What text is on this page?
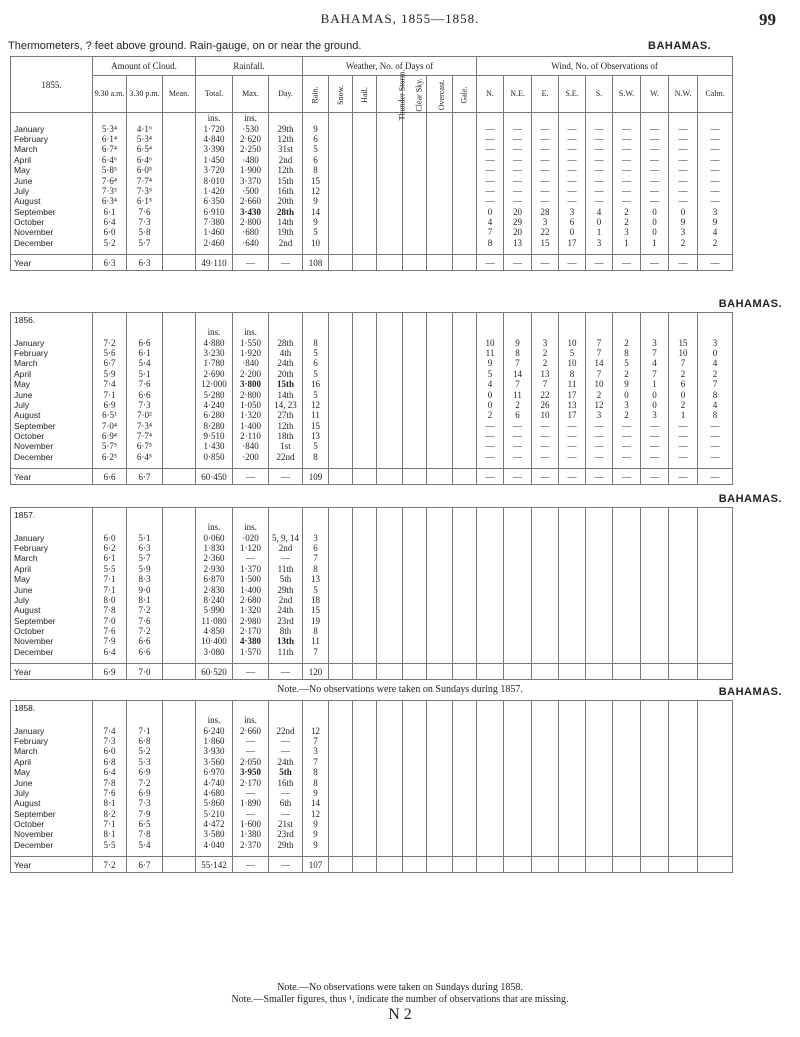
BAHAMAS, 1855—1858.	99
Thermometers, ? feet above ground. Rain-gauge, on or near the ground.	BAHAMAS.
1855.	Amount of Cloud.			Rainfall.			Weather, No. of Days of							Wind, No. of Observations of								
	9.30 a.m.	3.30 p.m.	Mean.	Total.	Max.	Day.	Rain.	Snow.	Hail.	Thunder Storm.	Clear Sky.	Overcast.	Gale.	N.	N.E.	E.	S.E.	S.	S.W.	W.	N.W.	Calm.
				ins.	ins.																	
January	5·3⁴	4·1⁶		1·720	·530	29th	9							—	—	—	—	—	—	—	—	—
February	6·1⁴	5·3⁴		4·840	2·620	12th	6							—	—	—	—	—	—	—	—	—
March	6·7⁴	6·5⁴		3·390	2·250	31st	5							—	—	—	—	—	—	—	—	—
April	6·4⁶	6·4⁶		1·450	·480	2nd	6							—	—	—	—	—	—	—	—	—
May	5·8⁵	6·0⁵		3·720	1·900	12th	8							—	—	—	—	—	—	—	—	—
June	7·6⁴	7·7⁴		8·010	3·370	15th	15							—	—	—	—	—	—	—	—	—
July	7·3⁵	7·3⁵		1·420	·500	16th	12							—	—	—	—	—	—	—	—	—
August	6·3⁴	6·1⁵		6·350	2·660	20th	9							—	—	—	—	—	—	—	—	—
September	6·1	7·6		6·910	3·430	28th	14							0	20	28	3	4	2	0	0	3
October	6·4	7·3		7·380	2·800	14th	9							4	29	3	6	0	2	0	9	9
November	6·0	5·8		1·460	·680	19th	5							7	20	22	0	1	3	0	3	4
December	5·2	5·7		2·460	·640	2nd	10							8	13	15	17	3	1	1	2	2

Year	6·3	6·3		49·110	—	—	108							—	—	—	—	—	—	—	—	—
BAHAMAS.
1856.																						
				ins.	ins.																	
January	7·2	6·6		4·880	1·550	28th	8							10	9	3	10	7	2	3	15	3
February	5·6	6·1		3·230	1·920	4th	5							11	8	2	5	7	8	7	10	0
March	6·7	5·4		1·780	·840	24th	6							9	7	2	10	14	5	4	7	4
April	5·9	5·1		2·690	2·200	20th	5							5	14	13	8	7	2	7	2	2
May	7·4	7·6		12·000	3·800	15th	16							4	7	7	11	10	9	1	6	7
June	7·1	6·6		5·280	2·800	14th	5							0	11	22	17	2	0	0	0	8
July	6·9	7·3		4·240	1·050	14, 23	12							0	2	26	13	12	3	0	2	4
August	6·5¹	7·0²		6·280	1·320	27th	11							2	6	10	17	3	2	3	1	8
September	7·0⁴	7·3⁴		8·280	1·400	12th	15							—	—	—	—	—	—	—	—	—
October	6·9⁴	7·7⁴		9·510	2·110	18th	13							—	—	—	—	—	—	—	—	—
November	5·7⁵	6·7⁵		1·430	·840	1st	5							—	—	—	—	—	—	—	—	—
December	6·2⁵	6·4⁵		0·850	·200	22nd	8							—	—	—	—	—	—	—	—	—

Year	6·6	6·7		60·450	—	—	109							—	—	—	—	—	—	—	—	—
BAHAMAS.
1857.																						
				ins.	ins.																	
January	6·0	5·1		0·060	·020	5, 9, 14	3															
February	6·2	6·3		1·830	1·120	2nd	6															
March	6·1	5·7		2·360	—	—	7															
April	5·5	5·9		2·930	1·370	11th	8															
May	7·1	8·3		6·870	1·500	5th	13															
June	7·1	9·0		2·830	1·400	29th	5															
July	8·0	8·1		8·240	2·680	2nd	18															
August	7·8	7·2		5·990	1·320	24th	15															
September	7·0	7·6		11·080	2·980	23rd	19															
October	7·6	7·2		4·850	2·170	8th	8															
November	7·9	6·6		10·400	4·380	13th	11															
December	6·4	6·6		3·080	1·570	11th	7															

Year	6·9	7·0		60·520	—	—	120															
BAHAMAS.
1858.																						
				ins.	ins.																	
January	7·4	7·1		6·240	2·660	22nd	12															
February	7·3	6·8		1·860	—	—	7															
March	6·0	5·2		3·930	—	—	3															
April	6·8	5·3		3·560	2·050	24th	7															
May	6·4	6·9		6·970	3·950	5th	8															
June	7·8	7·2		4·740	2·170	16th	8															
July	7·6	6·9		4·680	—	—	9															
August	8·1	7·3		5·860	1·890	6th	14															
September	8·2	7·9		5·210	—	—	12															
October	7·1	6·5		4·472	1·600	21st	9															
November	8·1	7·8		3·580	1·380	23rd	9															
December	5·5	5·4		4·040	2·370	29th	9															

Year	7·2	6·7		55·142	—	—	107															
Note.—No observations were taken on Sundays during 1857.
Note.—No observations were taken on Sundays during 1858.
Note.—Smaller figures, thus ¹, indicate the number of observations that are missing.
N 2
